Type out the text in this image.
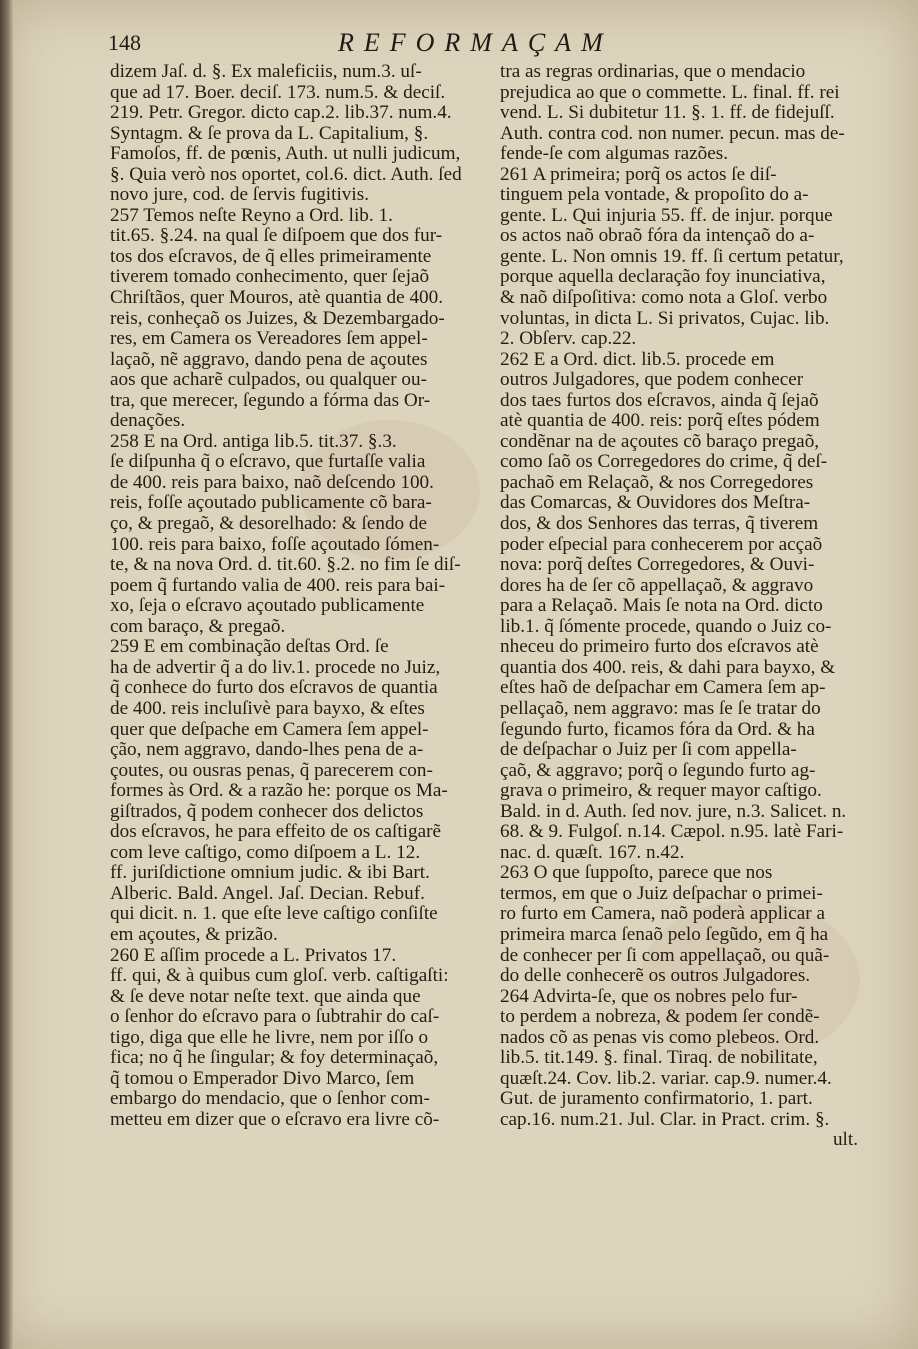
148	REFORMAÇAM
dizem Jaſ. d. §. Ex maleficiis, num.3. uſ-
que ad 17. Boer. deciſ. 173. num.5. & deciſ.
219. Petr. Gregor. dicto cap.2. lib.37. num.4.
Syntagm. & ſe prova da L. Capitalium, §.
Famoſos, ff. de pœnis, Auth. ut nulli judicum,
§. Quia verò nos oportet, col.6. dict. Auth. ſed
novo jure, cod. de ſervis fugitivis.
257 Temos neſte Reyno a Ord. lib. 1.
tit.65. §.24. na qual ſe diſpoem que dos fur-
tos dos eſcravos, de q̃ elles primeiramente
tiverem tomado conhecimento, quer ſejaõ
Chriſtãos, quer Mouros, atè quantia de 400.
reis, conheçaõ os Juizes, & Dezembargado-
res, em Camera os Vereadores ſem appel-
laçaõ, nẽ aggravo, dando pena de açoutes
aos que acharẽ culpados, ou qualquer ou-
tra, que merecer, ſegundo a fórma das Or-
denações.
258 E na Ord. antiga lib.5. tit.37. §.3.
ſe diſpunha q̃ o eſcravo, que furtaſſe valia
de 400. reis para baixo, naõ deſcendo 100.
reis, foſſe açoutado publicamente cõ bara-
ço, & pregaõ, & desorelhado: & ſendo de
100. reis para baixo, foſſe açoutado ſómen-
te, & na nova Ord. d. tit.60. §.2. no fim ſe diſ-
poem q̃ furtando valia de 400. reis para bai-
xo, ſeja o eſcravo açoutado publicamente
com baraço, & pregaõ.
259 E em combinação deſtas Ord. ſe
ha de advertir q̃ a do liv.1. procede no Juiz,
q̃ conhece do furto dos eſcravos de quantia
de 400. reis incluſivè para bayxo, & eſtes
quer que deſpache em Camera ſem appel-
ção, nem aggravo, dando-lhes pena de a-
çoutes, ou ousras penas, q̃ parecerem con-
formes às Ord. & a razão he: porque os Ma-
giſtrados, q̃ podem conhecer dos delictos
dos eſcravos, he para effeito de os caſtigarẽ
com leve caſtigo, como diſpoem a L. 12.
ff. juriſdictione omnium judic. & ibi Bart.
Alberic. Bald. Angel. Jaſ. Decian. Rebuf.
qui dicit. n. 1. que eſte leve caſtigo conſiſte
em açoutes, & prizão.
260 E aſſim procede a L. Privatos 17.
ff. qui, & à quibus cum gloſ. verb. caſtigaſti:
& ſe deve notar neſte text. que ainda que
o ſenhor do eſcravo para o ſubtrahir do caſ-
tigo, diga que elle he livre, nem por iſſo o
fica; no q̃ he ſingular; & foy determinaçaõ,
q̃ tomou o Emperador Divo Marco, ſem
embargo do mendacio, que o ſenhor com-
metteu em dizer que o eſcravo era livre cõ-
tra as regras ordinarias, que o mendacio
prejudica ao que o commette. L. final. ff. rei
vend. L. Si dubitetur 11. §. 1. ff. de fidejuſſ.
Auth. contra cod. non numer. pecun. mas de-
fende-ſe com algumas razões.
261 A primeira; porq̃ os actos ſe diſ-
tinguem pela vontade, & propoſito do a-
gente. L. Qui injuria 55. ff. de injur. porque
os actos naõ obraõ fóra da intençaõ do a-
gente. L. Non omnis 19. ff. ſi certum petatur,
porque aquella declaração foy inunciativa,
& naõ diſpoſitiva: como nota a Gloſ. verbo
voluntas, in dicta L. Si privatos, Cujac. lib.
2. Obſerv. cap.22.
262 E a Ord. dict. lib.5. procede em
outros Julgadores, que podem conhecer
dos taes furtos dos eſcravos, ainda q̃ ſejaõ
atè quantia de 400. reis: porq̃ eſtes pódem
condẽnar na de açoutes cõ baraço pregaõ,
como ſaõ os Corregedores do crime, q̃ deſ-
pachaõ em Relaçaõ, & nos Corregedores
das Comarcas, & Ouvidores dos Meſtra-
dos, & dos Senhores das terras, q̃ tiverem
poder eſpecial para conhecerem por acçaõ
nova: porq̃ deſtes Corregedores, & Ouvi-
dores ha de ſer cõ appellaçaõ, & aggravo
para a Relaçaõ. Mais ſe nota na Ord. dicto
lib.1. q̃ ſómente procede, quando o Juiz co-
nheceu do primeiro furto dos eſcravos atè
quantia dos 400. reis, & dahi para bayxo, &
eſtes haõ de deſpachar em Camera ſem ap-
pellaçaõ, nem aggravo: mas ſe ſe tratar do
ſegundo furto, ficamos fóra da Ord. & ha
de deſpachar o Juiz per ſi com appella-
çaõ, & aggravo; porq̃ o ſegundo furto ag-
grava o primeiro, & requer mayor caſtigo.
Bald. in d. Auth. ſed nov. jure, n.3. Salicet. n.
68. & 9. Fulgoſ. n.14. Cæpol. n.95. latè Fari-
nac. d. quæſt. 167. n.42.
263 O que ſuppoſto, parece que nos
termos, em que o Juiz deſpachar o primei-
ro furto em Camera, naõ poderà applicar a
primeira marca ſenaõ pelo ſegũdo, em q̃ ha
de conhecer per ſi com appellaçaõ, ou quã-
do delle conhecerẽ os outros Julgadores.
264 Advirta-ſe, que os nobres pelo fur-
to perdem a nobreza, & podem ſer condẽ-
nados cõ as penas vis como plebeos. Ord.
lib.5. tit.149. §. final. Tiraq. de nobilitate,
quæſt.24. Cov. lib.2. variar. cap.9. numer.4.
Gut. de juramento confirmatorio, 1. part.
cap.16. num.21. Jul. Clar. in Pract. crim. §.
ult.
